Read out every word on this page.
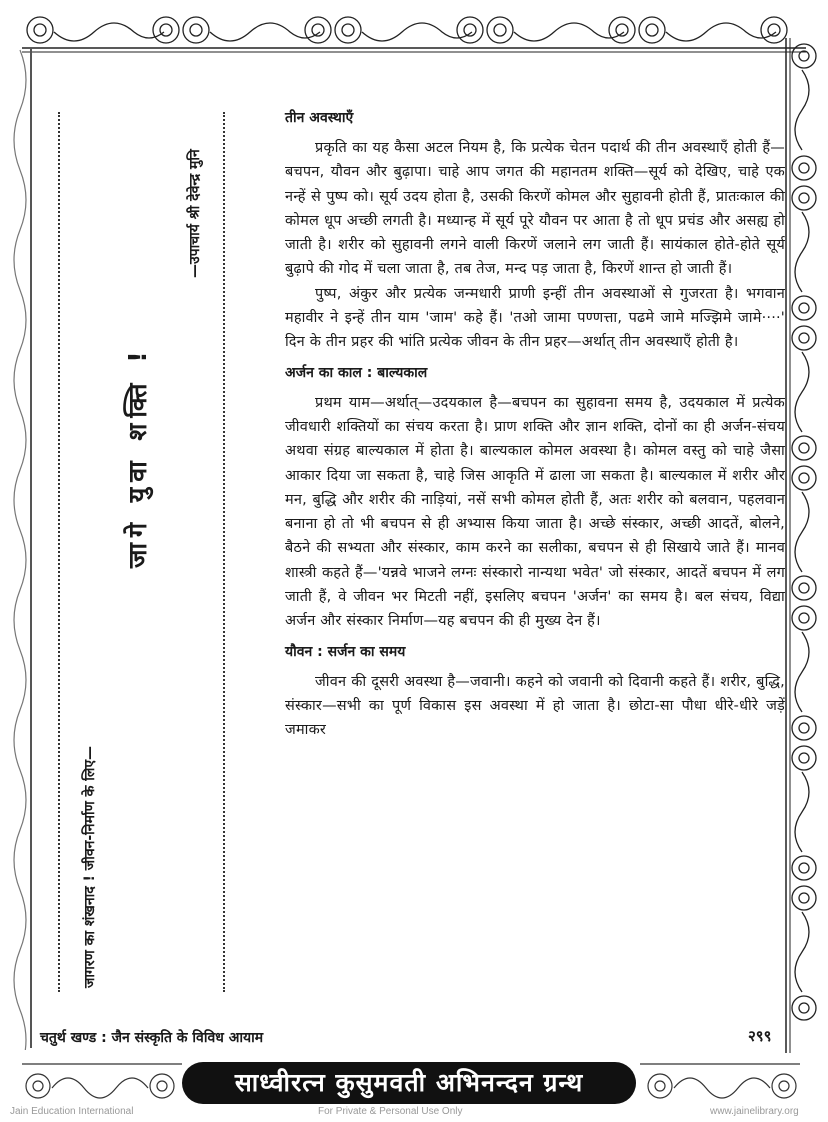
—उपाचार्य श्री देवेन्द्र मुनि
जागे युवा शक्ति !
जागरण का शंखनाद ! जीवन-निर्माण के लिए—
तीन अवस्थाएँ

प्रकृति का यह कैसा अटल नियम है, कि प्रत्येक चेतन पदार्थ की तीन अवस्थाएँ होती हैं—बचपन, यौवन और बुढ़ापा। चाहे आप जगत की महानतम शक्ति—सूर्य को देखिए, चाहे एक नन्हें से पुष्प को। सूर्य उदय होता है, उसकी किरणें कोमल और सुहावनी होती हैं, प्रातःकाल की कोमल धूप अच्छी लगती है। मध्यान्ह में सूर्य पूरे यौवन पर आता है तो धूप प्रचंड और असह्य हो जाती है। शरीर को सुहावनी लगने वाली किरणें जलाने लग जाती हैं। सायंकाल होते-होते सूर्य बुढ़ापे की गोद में चला जाता है, तब तेज, मन्द पड़ जाता है, किरणें शान्त हो जाती हैं।

पुष्प, अंकुर और प्रत्येक जन्मधारी प्राणी इन्हीं तीन अवस्थाओं से गुजरता है। भगवान महावीर ने इन्हें तीन याम 'जाम' कहे हैं। 'तओ जामा पण्णत्ता, पढमे जामे मज्झिमे जामे····' दिन के तीन प्रहर की भांति प्रत्येक जीवन के तीन प्रहर—अर्थात् तीन अवस्थाएँ होती है।

अर्जन का काल : बाल्यकाल

प्रथम याम—अर्थात्—उदयकाल है—बचपन का सुहावना समय है, उदयकाल में प्रत्येक जीवधारी शक्तियों का संचय करता है। प्राण शक्ति और ज्ञान शक्ति, दोनों का ही अर्जन-संचय अथवा संग्रह बाल्यकाल में होता है। बाल्यकाल कोमल अवस्था है। कोमल वस्तु को चाहे जैसा आकार दिया जा सकता है, चाहे जिस आकृति में ढाला जा सकता है। बाल्यकाल में शरीर और मन, बुद्धि और शरीर की नाड़ियां, नसें सभी कोमल होती हैं, अतः शरीर को बलवान, पहलवान बनाना हो तो भी बचपन से ही अभ्यास किया जाता है। अच्छे संस्कार, अच्छी आदतें, बोलने, बैठने की सभ्यता और संस्कार, काम करने का सलीका, बचपन से ही सिखाये जाते हैं। मानव शास्त्री कहते हैं—'यन्नवे भाजने लग्नः संस्कारो नान्यथा भवेत' जो संस्कार, आदतें बचपन में लग जाती हैं, वे जीवन भर मिटती नहीं, इसलिए बचपन 'अर्जन' का समय है। बल संचय, विद्या अर्जन और संस्कार निर्माण—यह बचपन की ही मुख्य देन हैं।

यौवन : सर्जन का समय

जीवन की दूसरी अवस्था है—जवानी। कहने को जवानी को दिवानी कहते हैं। शरीर, बुद्धि, संस्कार—सभी का पूर्ण विकास इस अवस्था में हो जाता है। छोटा-सा पौधा धीरे-धीरे जड़ें जमाकर

चतुर्थ खण्ड : जैन संस्कृति के विविध आयाम	२९९
साध्वीरत्न कुसुमवती अभिनन्दन ग्रन्थ
Jain Education International	For Private & Personal Use Only	www.jainelibrary.org
